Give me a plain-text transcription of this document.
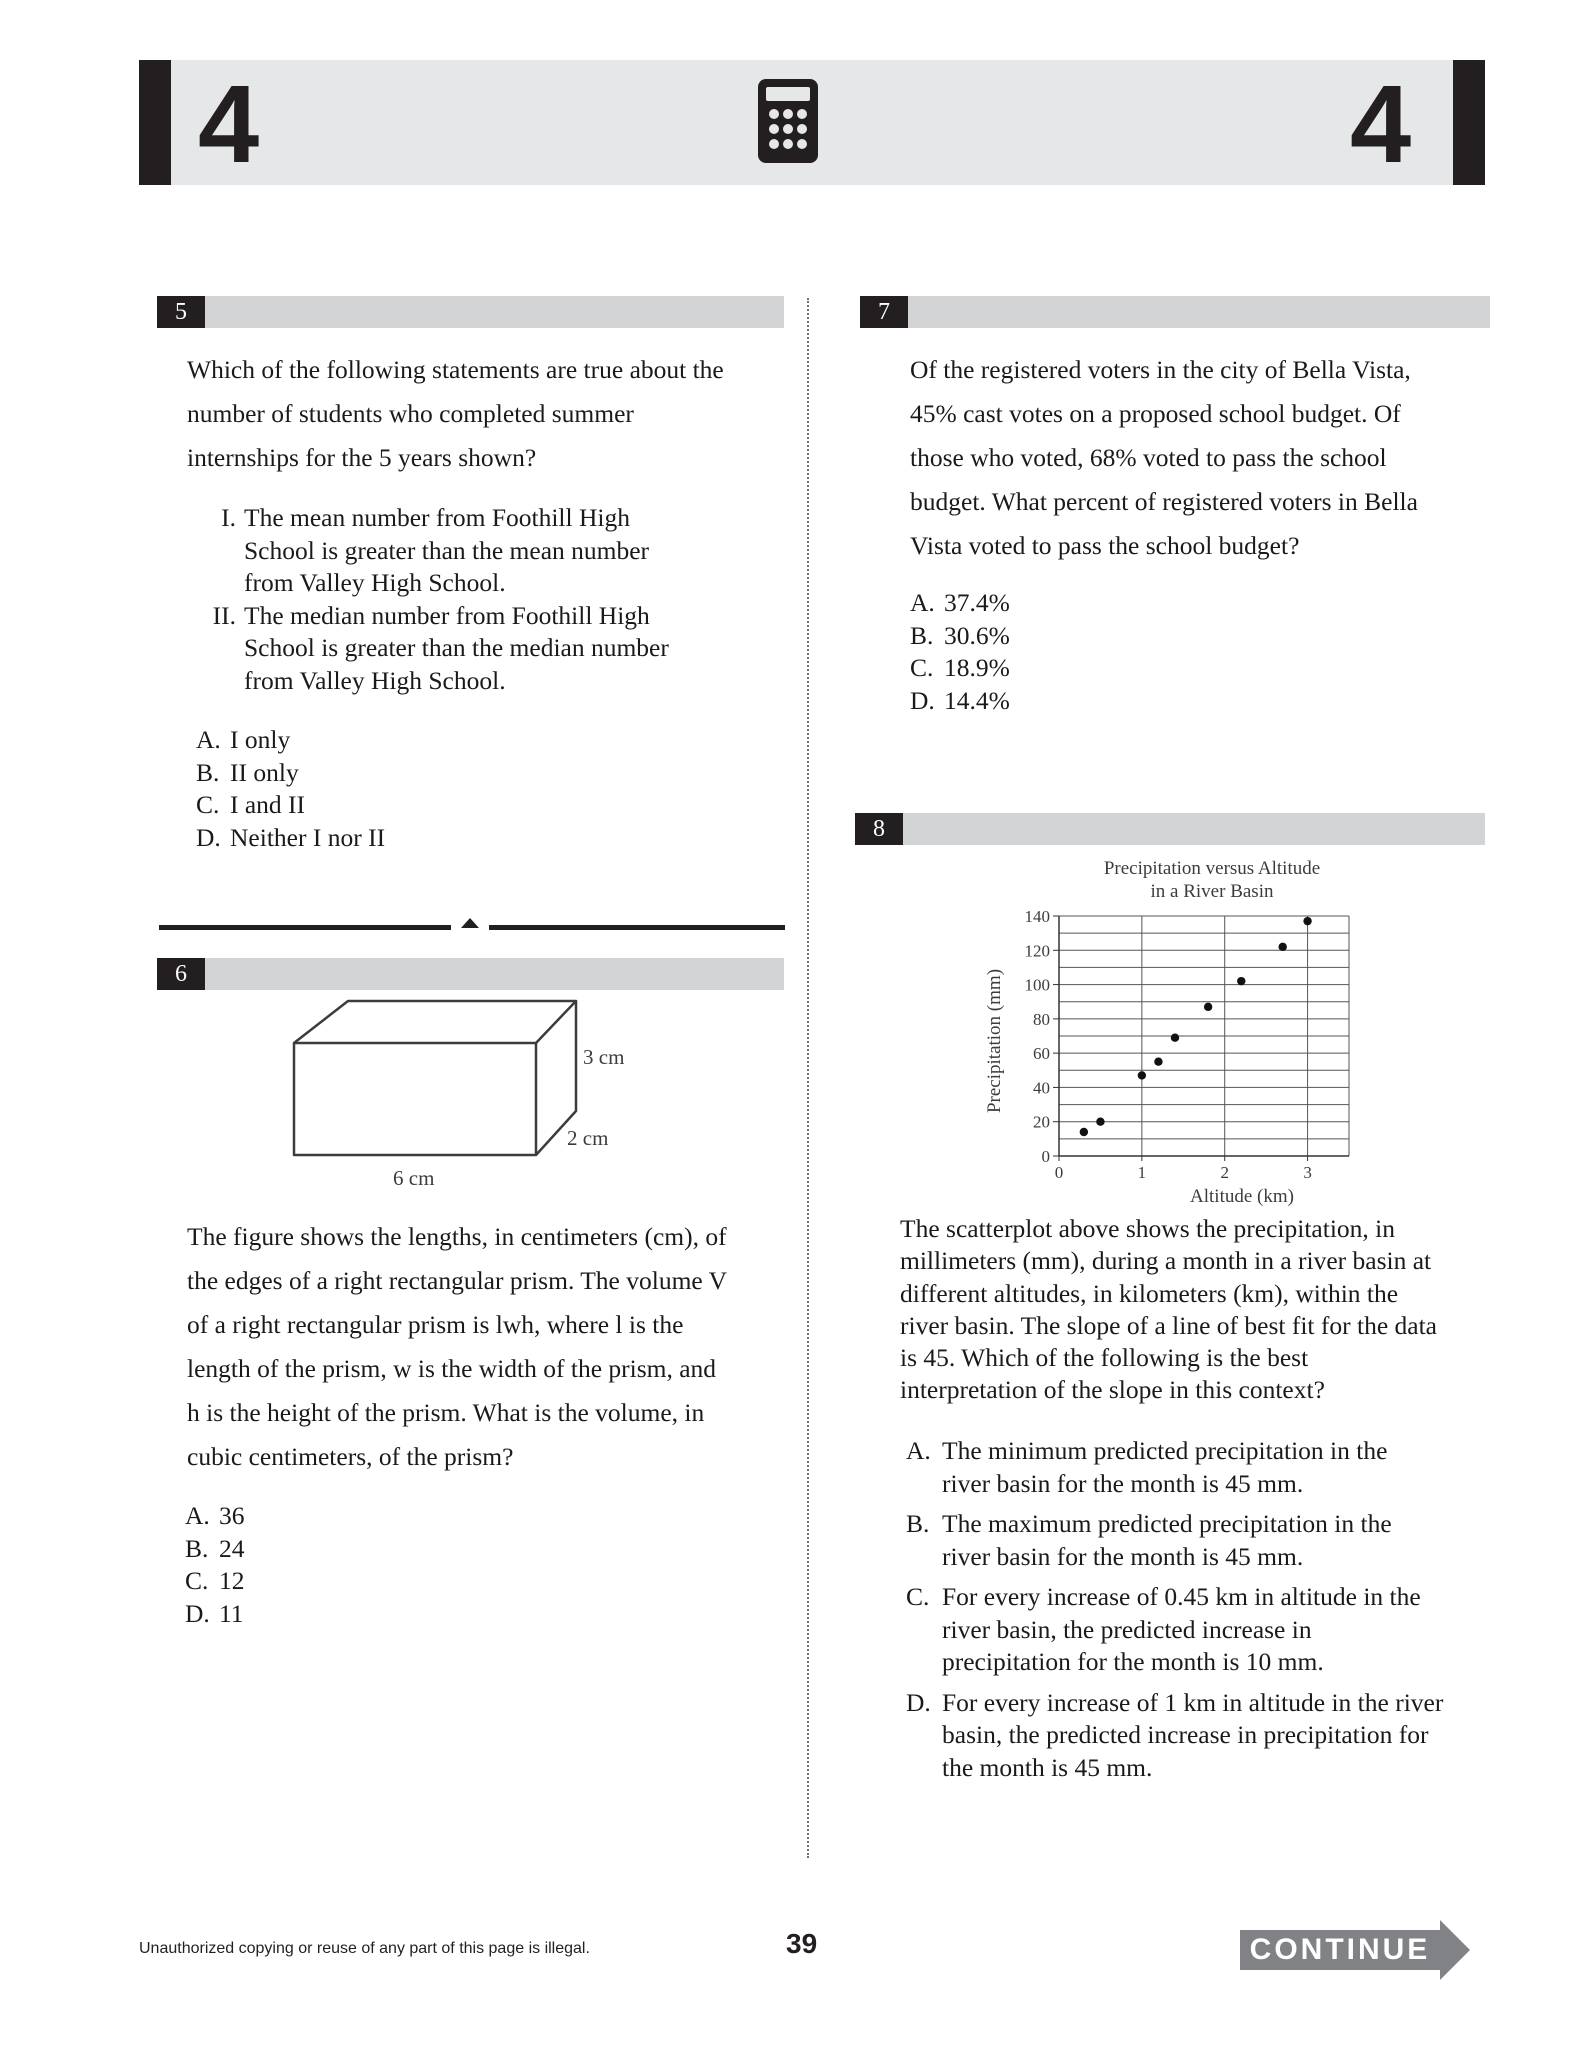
4	4
5
Which of the following statements are true about the
number of students who completed summer
internships for the 5 years shown?
I. The mean number from Foothill High
School is greater than the mean number
from Valley High School.
II. The median number from Foothill High
School is greater than the median number
from Valley High School.
A. I only
B. II only
C. I and II
D. Neither I nor II
6
3 cm
2 cm
6 cm
The figure shows the lengths, in centimeters (cm), of
the edges of a right rectangular prism. The volume V
of a right rectangular prism is lwh, where l is the
length of the prism, w is the width of the prism, and
h is the height of the prism. What is the volume, in
cubic centimeters, of the prism?
A. 36
B. 24
C. 12
D. 11
7
Of the registered voters in the city of Bella Vista,
45% cast votes on a proposed school budget. Of
those who voted, 68% voted to pass the school
budget. What percent of registered voters in Bella
Vista voted to pass the school budget?
A. 37.4%
B. 30.6%
C. 18.9%
D. 14.4%
8
Precipitation versus Altitude
in a River Basin
0
20
40
60
80
100
120
140
0	1	2	3
Precipitation (mm)
Altitude (km)
The scatterplot above shows the precipitation, in
millimeters (mm), during a month in a river basin at
different altitudes, in kilometers (km), within the
river basin. The slope of a line of best fit for the data
is 45. Which of the following is the best
interpretation of the slope in this context?
A. The minimum predicted precipitation in the
river basin for the month is 45 mm.
B. The maximum predicted precipitation in the
river basin for the month is 45 mm.
C. For every increase of 0.45 km in altitude in the
river basin, the predicted increase in
precipitation for the month is 10 mm.
D. For every increase of 1 km in altitude in the river
basin, the predicted increase in precipitation for
the month is 45 mm.
Unauthorized copying or reuse of any part of this page is illegal.	39	CONTINUE
